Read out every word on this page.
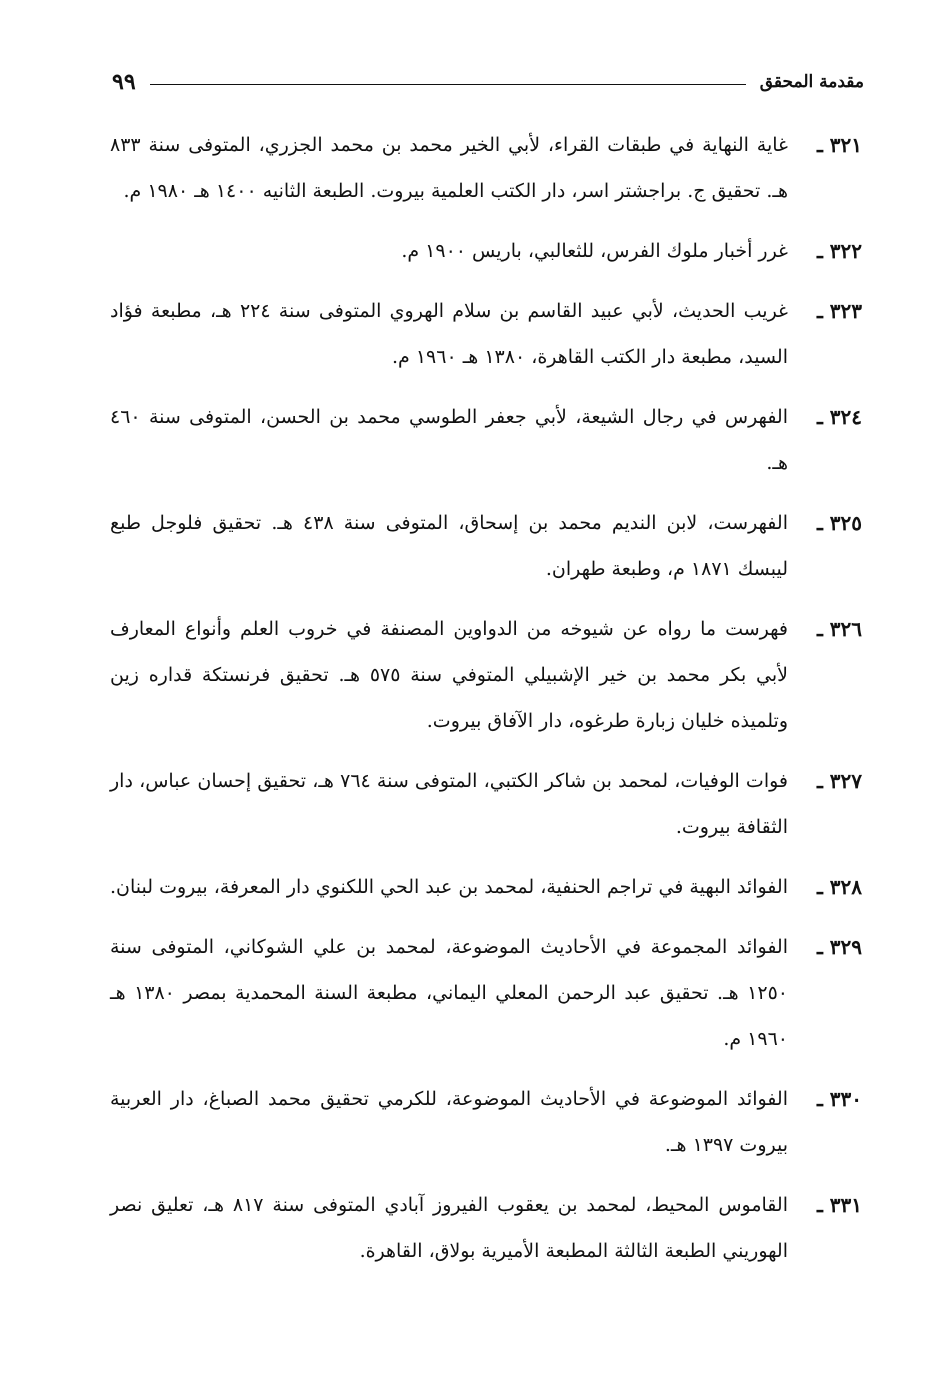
مقدمة المحقق
٩٩
٣٢١ ـ
غاية النهاية في طبقات القراء، لأبي الخير محمد بن محمد الجزري، المتوفى سنة ٨٣٣ هـ. تحقيق ج. براجشتر اسر، دار الكتب العلمية بيروت. الطبعة الثانيه ١٤٠٠ هـ ١٩٨٠ م.
٣٢٢ ـ
غرر أخبار ملوك الفرس، للثعالبي، باريس ١٩٠٠ م.
٣٢٣ ـ
غريب الحديث، لأبي عبيد القاسم بن سلام الهروي المتوفى سنة ٢٢٤ هـ، مطبعة فؤاد السيد، مطبعة دار الكتب القاهرة، ١٣٨٠ هـ ١٩٦٠ م.
٣٢٤ ـ
الفهرس في رجال الشيعة، لأبي جعفر الطوسي محمد بن الحسن، المتوفى سنة ٤٦٠ هـ.
٣٢٥ ـ
الفهرست، لابن النديم محمد بن إسحاق، المتوفى سنة ٤٣٨ هـ. تحقيق فلوجل طبع ليبسك ١٨٧١ م، وطبعة طهران.
٣٢٦ ـ
فهرست ما رواه عن شيوخه من الدواوين المصنفة في خروب العلم وأنواع المعارف لأبي بكر محمد بن خير الإشبيلي المتوفي سنة ٥٧٥ هـ. تحقيق فرنستكة قداره زين وتلميذه خليان زبارة طرغوه، دار الآفاق بيروت.
٣٢٧ ـ
فوات الوفيات، لمحمد بن شاكر الكتبي، المتوفى سنة ٧٦٤ هـ، تحقيق إحسان عباس، دار الثقافة بيروت.
٣٢٨ ـ
الفوائد البهية في تراجم الحنفية، لمحمد بن عبد الحي اللكنوي دار المعرفة، بيروت لبنان.
٣٢٩ ـ
الفوائد المجموعة في الأحاديث الموضوعة، لمحمد بن علي الشوكاني، المتوفى سنة ١٢٥٠ هـ. تحقيق عبد الرحمن المعلي اليماني، مطبعة السنة المحمدية بمصر ١٣٨٠ هـ ١٩٦٠ م.
٣٣٠ ـ
الفوائد الموضوعة في الأحاديث الموضوعة، للكرمي تحقيق محمد الصباغ، دار العربية بيروت ١٣٩٧ هـ.
٣٣١ ـ
القاموس المحيط، لمحمد بن يعقوب الفيروز آبادي المتوفى سنة ٨١٧ هـ، تعليق نصر الهوريني الطبعة الثالثة المطبعة الأميرية بولاق، القاهرة.
